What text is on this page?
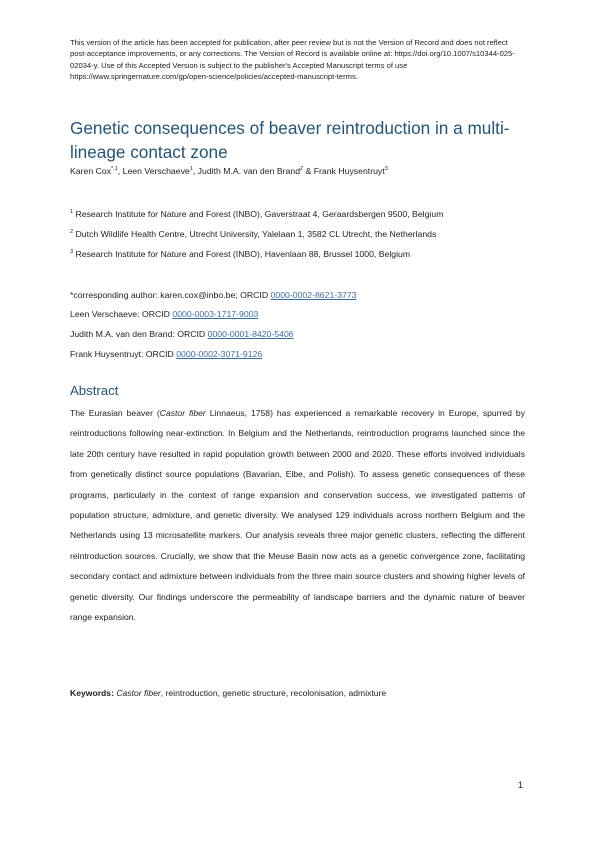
This version of the article has been accepted for publication, after peer review but is not the Version of Record and does not reflect post-acceptance improvements, or any corrections. The Version of Record is available online at: https://doi.org/10.1007/s10344-025-02034-y. Use of this Accepted Version is subject to the publisher's Accepted Manuscript terms of use https://www.springernature.com/gp/open-science/policies/accepted-manuscript-terms.
Genetic consequences of beaver reintroduction in a multi-lineage contact zone
Karen Cox$^{*,1}$, Leen Verschaeve$^1$, Judith M.A. van den Brand$^2$ & Frank Huysentruyt$^3$
$^1$ Research Institute for Nature and Forest (INBO), Gaverstraat 4, Geraardsbergen 9500, Belgium
$^2$ Dutch Wildlife Health Centre, Utrecht University, Yalelaan 1, 3582 CL Utrecht, the Netherlands
$^3$ Research Institute for Nature and Forest (INBO), Havenlaan 88, Brussel 1000, Belgium
*corresponding author: karen.cox@inbo.be; ORCID 0000-0002-8621-3773
Leen Verschaeve: ORCID 0000-0003-1717-9003
Judith M.A. van den Brand: ORCID 0000-0001-8420-5406
Frank Huysentruyt: ORCID 0000-0002-3071-9126
Abstract
The Eurasian beaver (Castor fiber Linnaeus, 1758) has experienced a remarkable recovery in Europe, spurred by reintroductions following near-extinction. In Belgium and the Netherlands, reintroduction programs launched since the late 20th century have resulted in rapid population growth between 2000 and 2020. These efforts involved individuals from genetically distinct source populations (Bavarian, Elbe, and Polish). To assess genetic consequences of these programs, particularly in the context of range expansion and conservation success, we investigated patterns of population structure, admixture, and genetic diversity. We analysed 129 individuals across northern Belgium and the Netherlands using 13 microsatellite markers. Our analysis reveals three major genetic clusters, reflecting the different reintroduction sources. Crucially, we show that the Meuse Basin now acts as a genetic convergence zone, facilitating secondary contact and admixture between individuals from the three main source clusters and showing higher levels of genetic diversity. Our findings underscore the permeability of landscape barriers and the dynamic nature of beaver range expansion.
Keywords: Castor fiber, reintroduction, genetic structure, recolonisation, admixture
1
